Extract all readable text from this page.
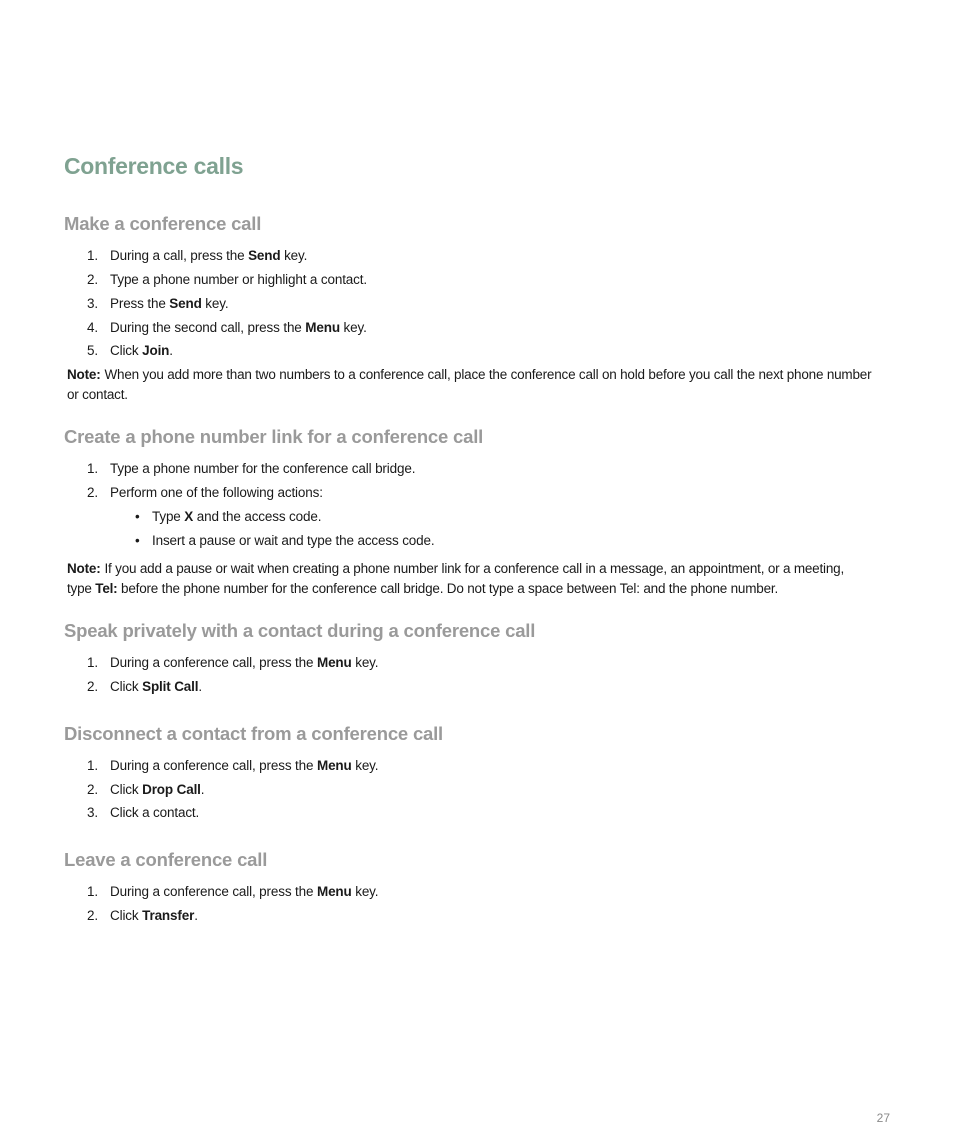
Conference calls
Make a conference call
1. During a call, press the Send key.
2. Type a phone number or highlight a contact.
3. Press the Send key.
4. During the second call, press the Menu key.
5. Click Join.
Note: When you add more than two numbers to a conference call, place the conference call on hold before you call the next phone number
or contact.
Create a phone number link for a conference call
1. Type a phone number for the conference call bridge.
2. Perform one of the following actions:
• Type X and the access code.
• Insert a pause or wait and type the access code.
Note: If you add a pause or wait when creating a phone number link for a conference call in a message, an appointment, or a meeting,
type Tel: before the phone number for the conference call bridge. Do not type a space between Tel: and the phone number.
Speak privately with a contact during a conference call
1. During a conference call, press the Menu key.
2. Click Split Call.
Disconnect a contact from a conference call
1. During a conference call, press the Menu key.
2. Click Drop Call.
3. Click a contact.
Leave a conference call
1. During a conference call, press the Menu key.
2. Click Transfer.
27
